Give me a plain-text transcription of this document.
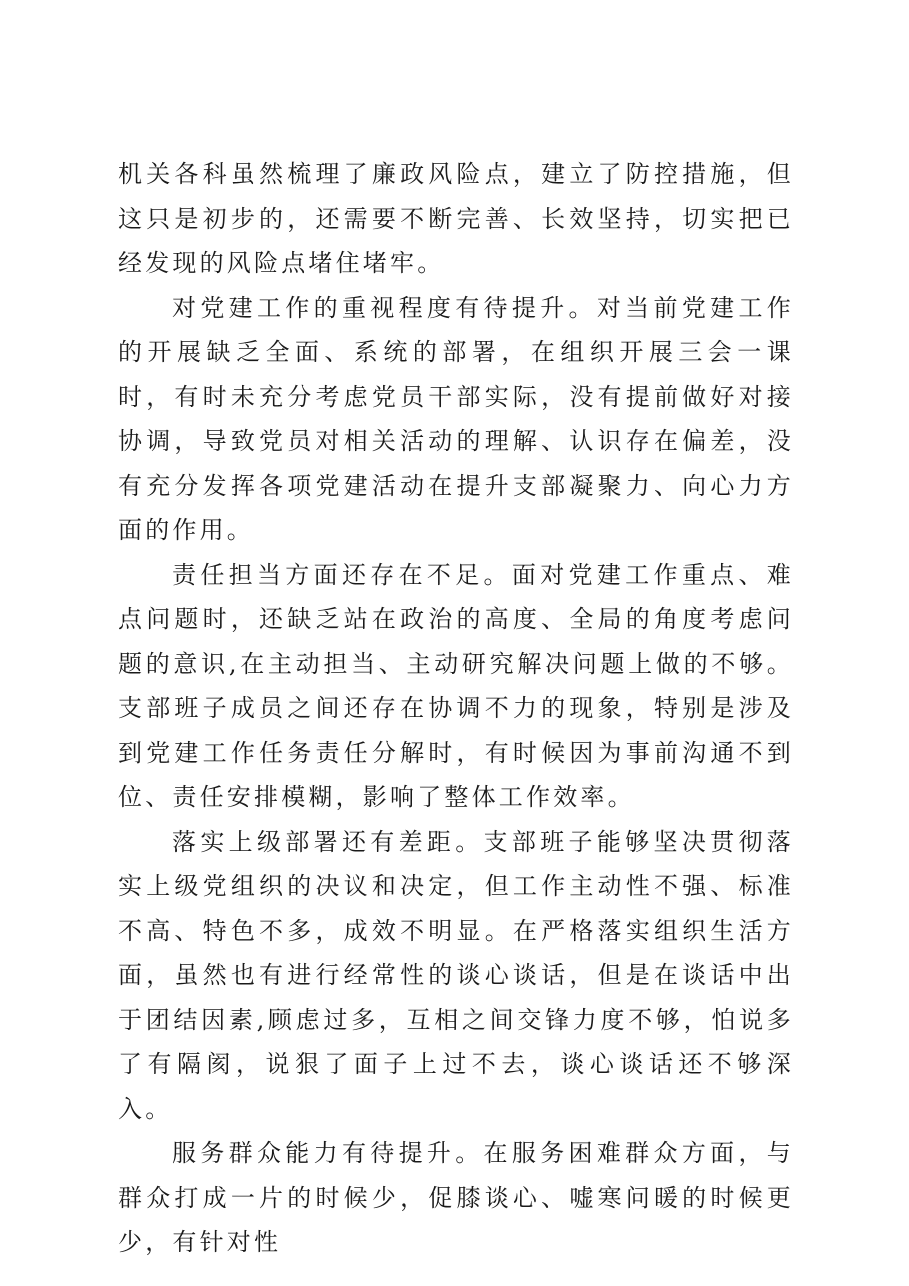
机关各科虽然梳理了廉政风险点，建立了防控措施，但这只是初步的，还需要不断完善、长效坚持，切实把已经发现的风险点堵住堵牢。

对党建工作的重视程度有待提升。对当前党建工作的开展缺乏全面、系统的部署，在组织开展三会一课时，有时未充分考虑党员干部实际，没有提前做好对接协调，导致党员对相关活动的理解、认识存在偏差，没有充分发挥各项党建活动在提升支部凝聚力、向心力方面的作用。

责任担当方面还存在不足。面对党建工作重点、难点问题时，还缺乏站在政治的高度、全局的角度考虑问题的意识,在主动担当、主动研究解决问题上做的不够。支部班子成员之间还存在协调不力的现象，特别是涉及到党建工作任务责任分解时，有时候因为事前沟通不到位、责任安排模糊，影响了整体工作效率。

落实上级部署还有差距。支部班子能够坚决贯彻落实上级党组织的决议和决定，但工作主动性不强、标准不高、特色不多，成效不明显。在严格落实组织生活方面，虽然也有进行经常性的谈心谈话，但是在谈话中出于团结因素,顾虑过多，互相之间交锋力度不够，怕说多了有隔阂，说狠了面子上过不去，谈心谈话还不够深入。

服务群众能力有待提升。在服务困难群众方面，与群众打成一片的时候少，促膝谈心、嘘寒问暖的时候更少，有针对性
